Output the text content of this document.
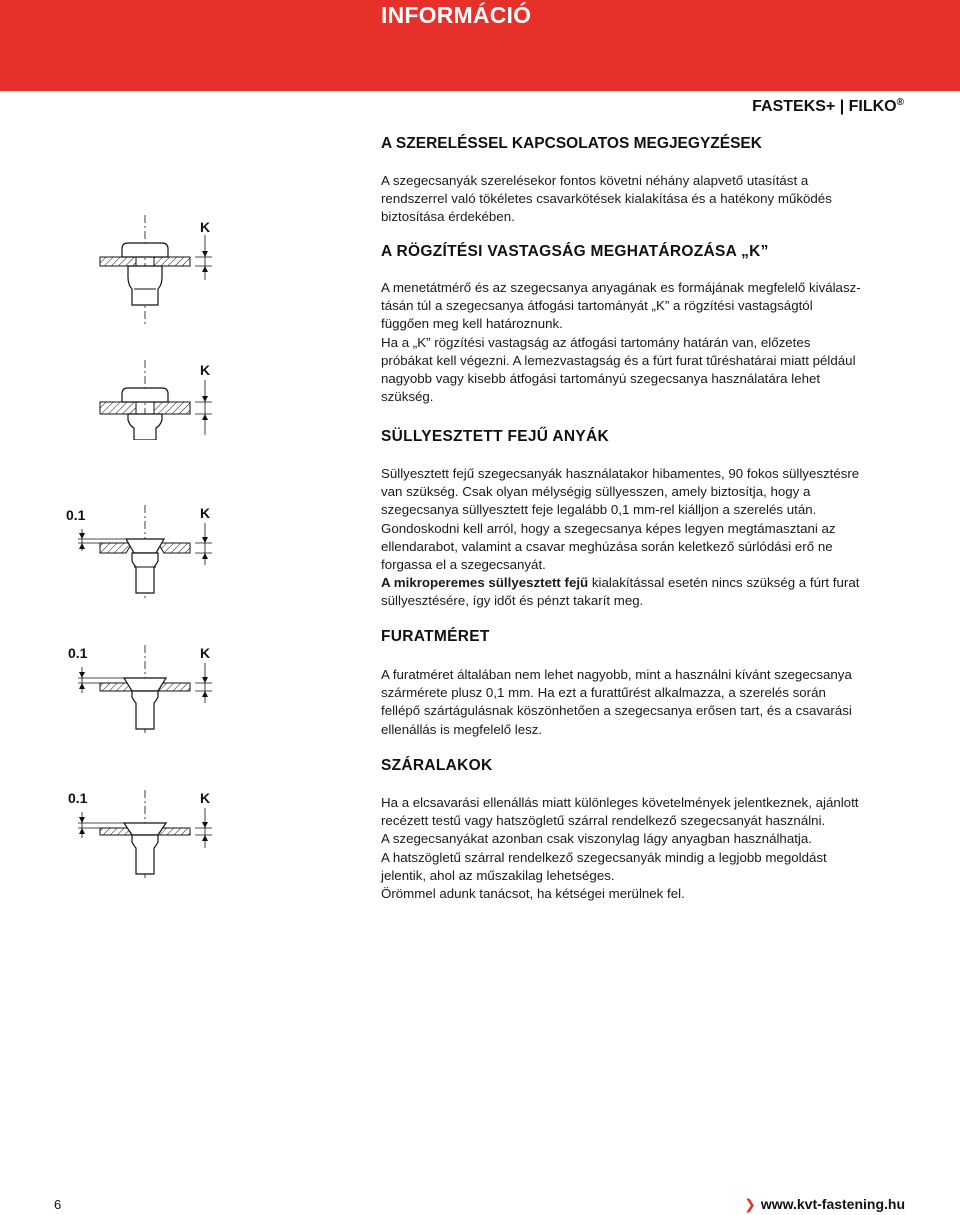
INFORMÁCIÓ
FASTEKS+ | FILKO®
A SZERELÉSSEL KAPCSOLATOS MEGJEGYZÉSEK

A szegecsanyák szerelésekor fontos követni néhány alapvető utasítást a
rendszerrel való tökéletes csavarkötések kialakítása és a hatékony működés
biztosítása érdekében.

A RÖGZÍTÉSI VASTAGSÁG MEGHATÁROZÁSA „K”

A menetátmérő és az szegecsanya anyagának es formájának megfelelő kiválasz-
tásán túl a szegecsanya átfogási tartományát „K” a rögzítési vastagságtól
függően meg kell határoznunk.
Ha a „K” rögzítési vastagság az átfogási tartomány határán van, előzetes
próbákat kell végezni. A lemezvastagság és a fúrt furat tűréshatárai miatt például
nagyobb vagy kisebb átfogási tartományú szegecsanya használatára lehet
szükség.

SÜLLYESZTETT FEJŰ ANYÁK

Süllyesztett fejű szegecsanyák használatakor hibamentes, 90 fokos süllyesztésre
van szükség. Csak olyan mélységig süllyesszen, amely biztosítja, hogy a
szegecsanya süllyesztett feje legalább 0,1 mm-rel kiálljon a szerelés után.
Gondoskodni kell arról, hogy a szegecsanya képes legyen megtámasztani az
ellendarabot, valamint a csavar meghúzása során keletkező súrlódási erő ne
forgassa el a szegecsanyát.

A mikroperemes süllyesztett fejű kialakítással esetén nincs szükség a fúrt furat
süllyesztésére, így időt és pénzt takarít meg.

FURATMÉRET

A furatméret általában nem lehet nagyobb, mint a használni kívánt szegecsanya
szármérete plusz 0,1 mm. Ha ezt a furattűrést alkalmazza, a szerelés során
fellépő szártágulásnak köszönhetően a szegecsanya erősen tart, és a csavarási
ellenállás is megfelelő lesz.

SZÁRALAKOK

Ha a elcsavarási ellenállás miatt különleges követelmények jelentkeznek, ajánlott
recézett testű vagy hatszögletű szárral rendelkező szegecsanyát használni.
A szegecsanyákat azonban csak viszonylag lágy anyagban használhatja.
A hatszögletű szárral rendelkező szegecsanyák mindig a legjobb megoldást
jelentik, ahol az műszakilag lehetséges.
Örömmel adunk tanácsot, ha kétségei merülnek fel.

K
K
0.1	K
0.1	K
0.1	K
6	❯ www.kvt-fastening.hu
